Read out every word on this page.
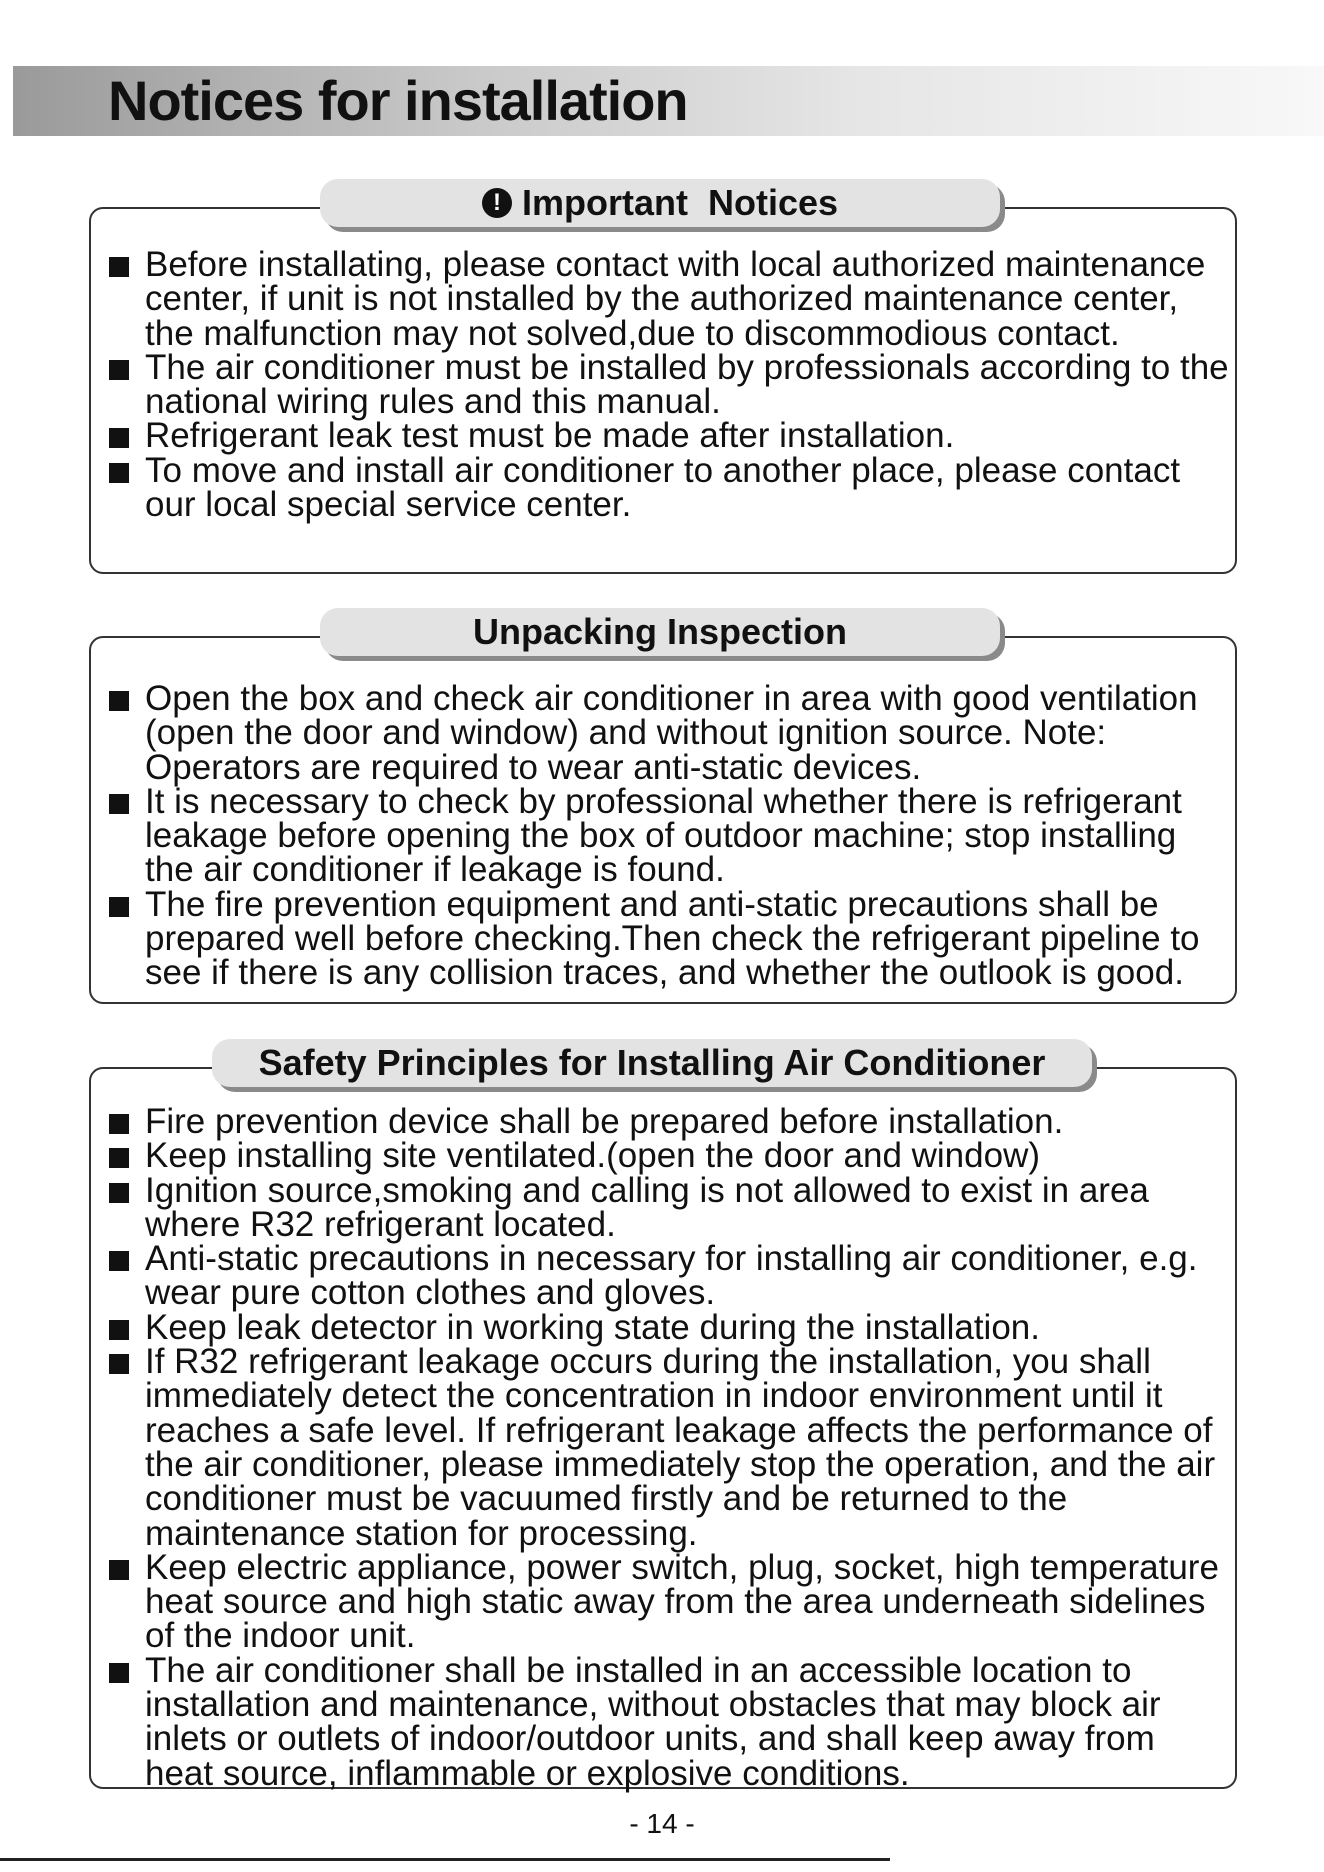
Notices for installation
! Important  Notices
Before installating, please contact with local authorized maintenance center, if unit is not installed by the authorized maintenance center, the malfunction may not solved,due to discommodious contact.
The air conditioner must be installed by professionals according to the national wiring rules and this manual.
Refrigerant leak test must be made after installation.
To move and install air conditioner to another place, please contact our local special service center.
Unpacking Inspection
Open the box and check air conditioner in area with good ventilation (open the door and window) and without ignition source. Note: Operators are required to wear anti-static devices.
It is necessary to check by professional whether there is refrigerant leakage before opening the box of outdoor machine; stop installing the air conditioner if leakage is found.
The fire prevention equipment and anti-static precautions shall be prepared well before checking.Then check the refrigerant pipeline to see if there is any collision traces, and whether the outlook is good.
Safety Principles for Installing Air Conditioner
Fire prevention device shall be prepared before installation.
Keep installing site ventilated.(open the door and window)
Ignition source,smoking and calling is not allowed to exist in area where R32 refrigerant located.
Anti-static precautions in necessary for installing air conditioner, e.g. wear pure cotton clothes and gloves.
Keep leak detector in working state during the installation.
If R32 refrigerant leakage occurs during the installation, you shall immediately detect the concentration in indoor environment until it reaches a safe level. If refrigerant leakage affects the performance of the air conditioner, please immediately stop the operation, and the air conditioner must be vacuumed firstly and be returned to the maintenance station for processing.
Keep electric appliance, power switch, plug, socket, high temperature heat source and high static away from the area underneath sidelines of the indoor unit.
The air conditioner shall be installed in an accessible location to installation and maintenance, without obstacles that may block air inlets or outlets of indoor/outdoor units, and shall keep away from heat source, inflammable or explosive conditions.
- 14 -
